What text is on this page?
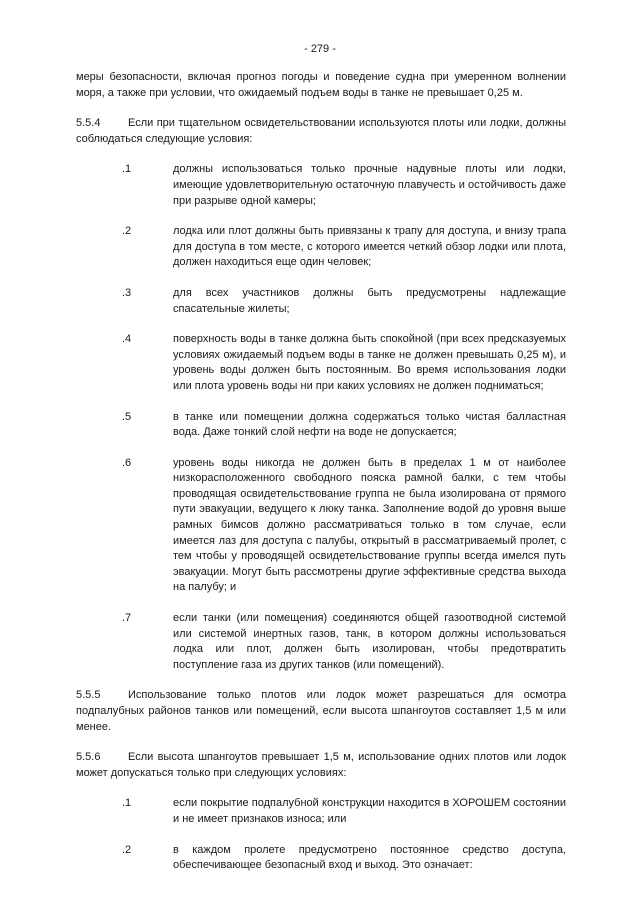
- 279 -

меры безопасности, включая прогноз погоды и поведение судна при умеренном волнении моря, а также при условии, что ожидаемый подъем воды в танке не превышает 0,25 м.

5.5.4	Если при тщательном освидетельствовании используются плоты или лодки, должны соблюдаться следующие условия:

.1	должны использоваться только прочные надувные плоты или лодки, имеющие удовлетворительную остаточную плавучесть и остойчивость даже при разрыве одной камеры;

.2	лодка или плот должны быть привязаны к трапу для доступа, и внизу трапа для доступа в том месте, с которого имеется четкий обзор лодки или плота, должен находиться еще один человек;

.3	для всех участников должны быть предусмотрены надлежащие спасательные жилеты;

.4	поверхность воды в танке должна быть спокойной (при всех предсказуемых условиях ожидаемый подъем воды в танке не должен превышать 0,25 м), и уровень воды должен быть постоянным. Во время использования лодки или плота уровень воды ни при каких условиях не должен подниматься;

.5	в танке или помещении должна содержаться только чистая балластная вода. Даже тонкий слой нефти на воде не допускается;

.6	уровень воды никогда не должен быть в пределах 1 м от наиболее низкорасположенного свободного пояска рамной балки, с тем чтобы проводящая освидетельствование группа не была изолирована от прямого пути эвакуации, ведущего к люку танка. Заполнение водой до уровня выше рамных бимсов должно рассматриваться только в том случае, если имеется лаз для доступа с палубы, открытый в рассматриваемый пролет, с тем чтобы у проводящей освидетельствование группы всегда имелся путь эвакуации. Могут быть рассмотрены другие эффективные средства выхода на палубу; и

.7	если танки (или помещения) соединяются общей газоотводной системой или системой инертных газов, танк, в котором должны использоваться лодка или плот, должен быть изолирован, чтобы предотвратить поступление газа из других танков (или помещений).

5.5.5	Использование только плотов или лодок может разрешаться для осмотра подпалубных районов танков или помещений, если высота шпангоутов составляет 1,5 м или менее.

5.5.6	Если высота шпангоутов превышает 1,5 м, использование одних плотов или лодок может допускаться только при следующих условиях:

.1	если покрытие подпалубной конструкции находится в ХОРОШЕМ состоянии и не имеет признаков износа; или

.2	в каждом пролете предусмотрено постоянное средство доступа, обеспечивающее безопасный вход и выход. Это означает:
